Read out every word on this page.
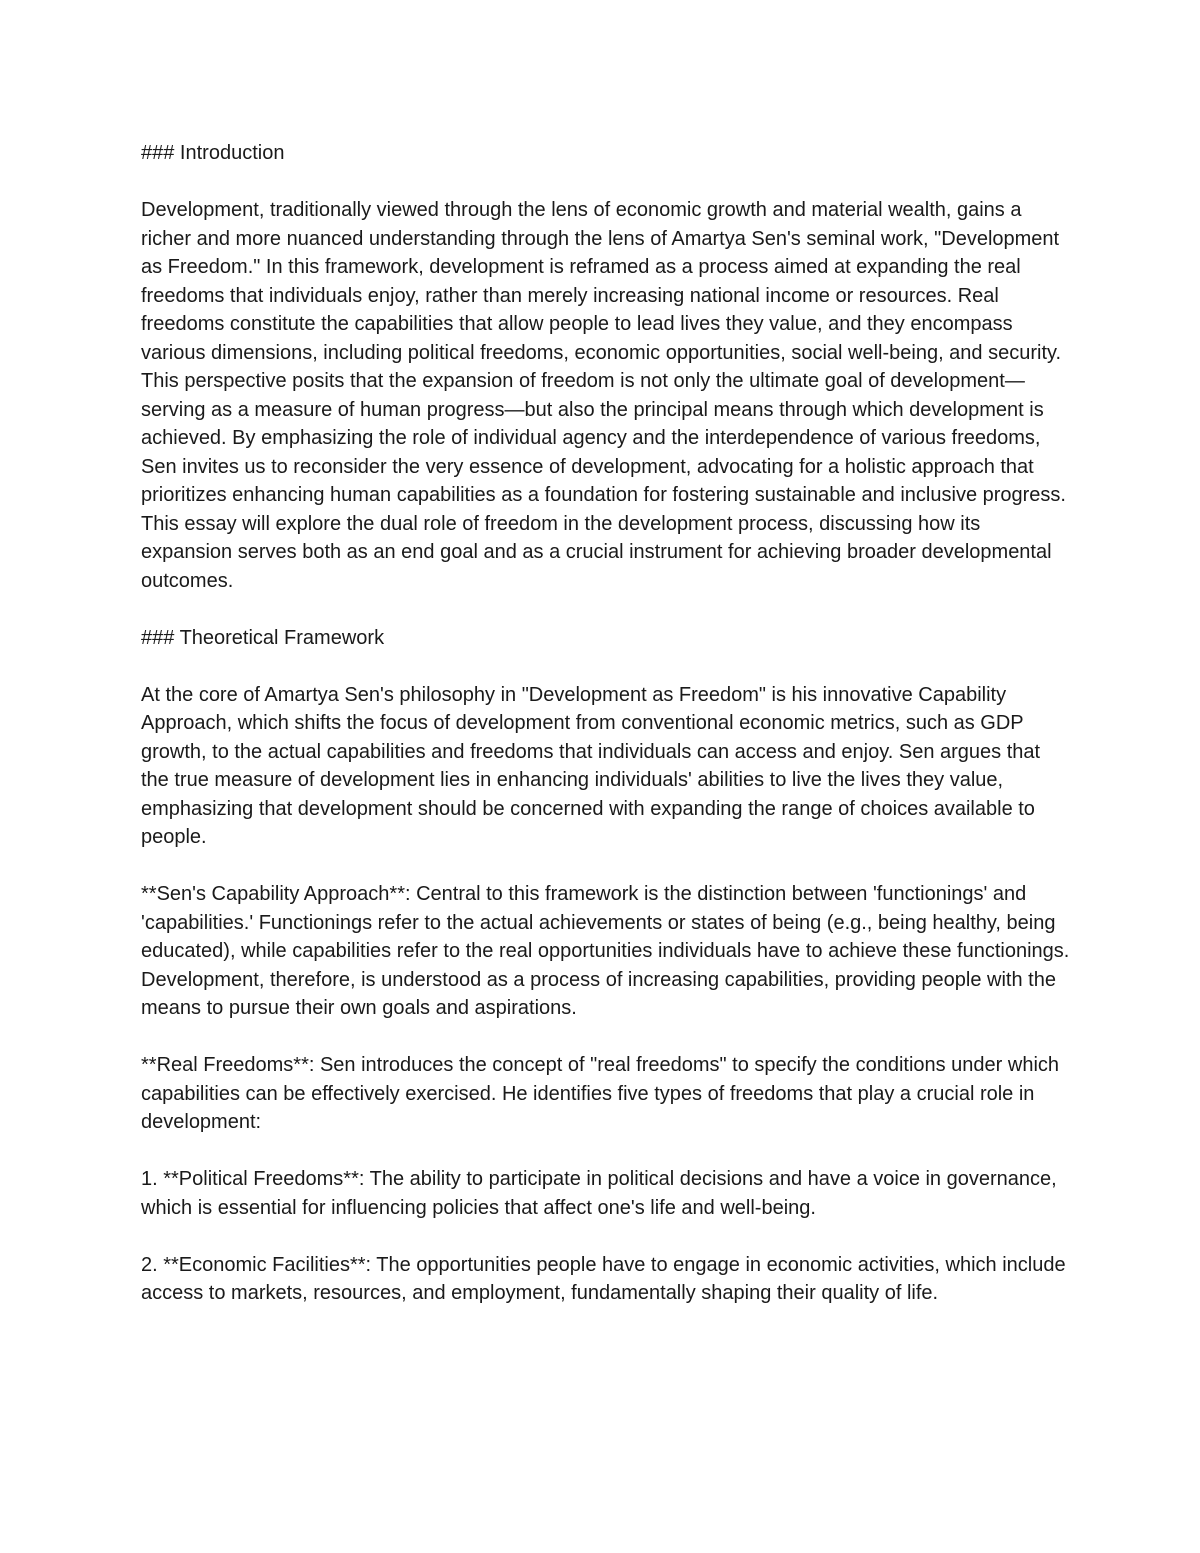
### Introduction

Development, traditionally viewed through the lens of economic growth and material wealth, gains a richer and more nuanced understanding through the lens of Amartya Sen's seminal work, "Development as Freedom." In this framework, development is reframed as a process aimed at expanding the real freedoms that individuals enjoy, rather than merely increasing national income or resources. Real freedoms constitute the capabilities that allow people to lead lives they value, and they encompass various dimensions, including political freedoms, economic opportunities, social well-being, and security. This perspective posits that the expansion of freedom is not only the ultimate goal of development—serving as a measure of human progress—but also the principal means through which development is achieved. By emphasizing the role of individual agency and the interdependence of various freedoms, Sen invites us to reconsider the very essence of development, advocating for a holistic approach that prioritizes enhancing human capabilities as a foundation for fostering sustainable and inclusive progress. This essay will explore the dual role of freedom in the development process, discussing how its expansion serves both as an end goal and as a crucial instrument for achieving broader developmental outcomes.

### Theoretical Framework

At the core of Amartya Sen's philosophy in "Development as Freedom" is his innovative Capability Approach, which shifts the focus of development from conventional economic metrics, such as GDP growth, to the actual capabilities and freedoms that individuals can access and enjoy. Sen argues that the true measure of development lies in enhancing individuals' abilities to live the lives they value, emphasizing that development should be concerned with expanding the range of choices available to people.

**Sen's Capability Approach**: Central to this framework is the distinction between 'functionings' and 'capabilities.' Functionings refer to the actual achievements or states of being (e.g., being healthy, being educated), while capabilities refer to the real opportunities individuals have to achieve these functionings. Development, therefore, is understood as a process of increasing capabilities, providing people with the means to pursue their own goals and aspirations.

**Real Freedoms**: Sen introduces the concept of "real freedoms" to specify the conditions under which capabilities can be effectively exercised. He identifies five types of freedoms that play a crucial role in development:

1. **Political Freedoms**: The ability to participate in political decisions and have a voice in governance, which is essential for influencing policies that affect one's life and well-being.

2. **Economic Facilities**: The opportunities people have to engage in economic activities, which include access to markets, resources, and employment, fundamentally shaping their quality of life.
